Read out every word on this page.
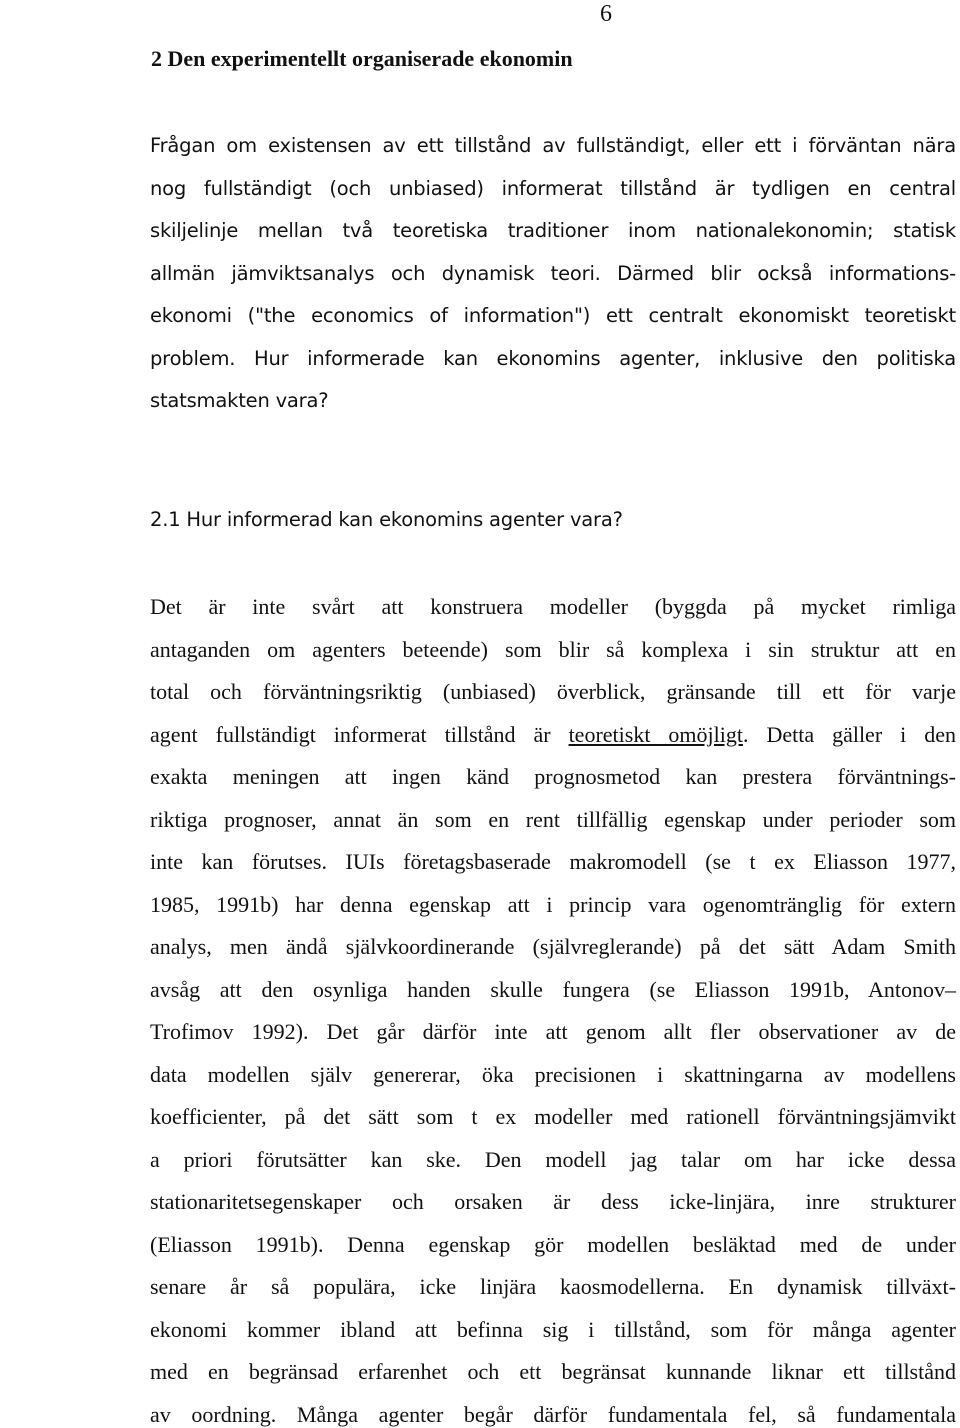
6
2 Den experimentellt organiserade ekonomin
Frågan om existensen av ett tillstånd av fullständigt, eller ett i förväntan nära
nog fullständigt (och unbiased) informerat tillstånd är tydligen en central
skiljelinje mellan två teoretiska traditioner inom nationalekonomin; statisk
allmän jämviktsanalys och dynamisk teori. Därmed blir också informations-
ekonomi ("the economics of information") ett centralt ekonomiskt teoretiskt
problem. Hur informerade kan ekonomins agenter, inklusive den politiska
statsmakten vara?
2.1 Hur informerad kan ekonomins agenter vara?
Det är inte svårt att konstruera modeller (byggda på mycket rimliga
antaganden om agenters beteende) som blir så komplexa i sin struktur att en
total och förväntningsriktig (unbiased) överblick, gränsande till ett för varje
agent fullständigt informerat tillstånd är teoretiskt omöjligt. Detta gäller i den
exakta meningen att ingen känd prognosmetod kan prestera förväntnings-
riktiga prognoser, annat än som en rent tillfällig egenskap under perioder som
inte kan förutses. IUIs företagsbaserade makromodell (se t ex Eliasson 1977,
1985, 1991b) har denna egenskap att i princip vara ogenomtränglig för extern
analys, men ändå självkoordinerande (självreglerande) på det sätt Adam Smith
avsåg att den osynliga handen skulle fungera (se Eliasson 1991b, Antonov–
Trofimov 1992). Det går därför inte att genom allt fler observationer av de
data modellen själv genererar, öka precisionen i skattningarna av modellens
koefficienter, på det sätt som t ex modeller med rationell förväntningsjämvikt
a priori förutsätter kan ske. Den modell jag talar om har icke dessa
stationaritetsegenskaper och orsaken är dess icke-linjära, inre strukturer
(Eliasson 1991b). Denna egenskap gör modellen besläktad med de under
senare år så populära, icke linjära kaosmodellerna. En dynamisk tillväxt-
ekonomi kommer ibland att befinna sig i tillstånd, som för många agenter
med en begränsad erfarenhet och ett begränsat kunnande liknar ett tillstånd
av oordning. Många agenter begår därför fundamentala fel, så fundamentala
